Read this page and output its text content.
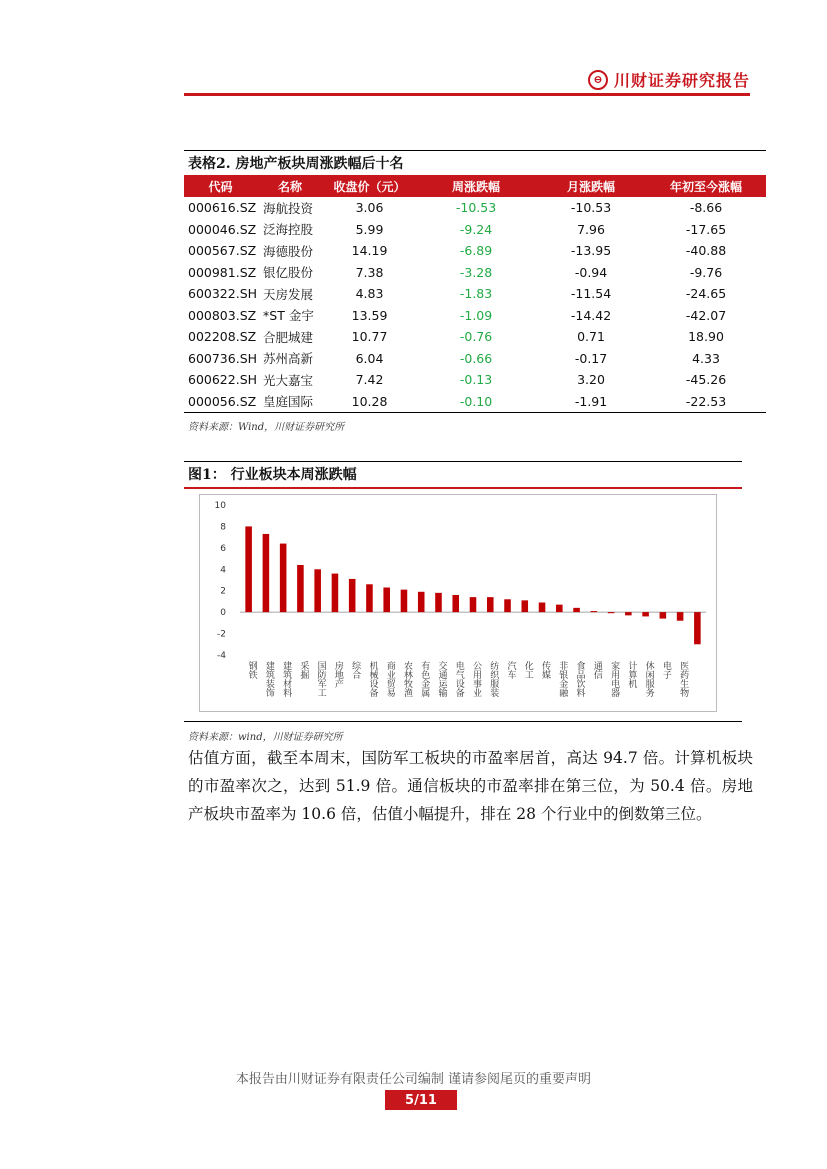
⊖ 川财证券研究报告
表格2. 房地产板块周涨跌幅后十名
代码	名称	收盘价（元）	周涨跌幅	月涨跌幅	年初至今涨幅
000616.SZ	海航投资	3.06	-10.53	-10.53	-8.66
000046.SZ	泛海控股	5.99	-9.24	7.96	-17.65
000567.SZ	海德股份	14.19	-6.89	-13.95	-40.88
000981.SZ	银亿股份	7.38	-3.28	-0.94	-9.76
600322.SH	天房发展	4.83	-1.83	-11.54	-24.65
000803.SZ	*ST 金宇	13.59	-1.09	-14.42	-42.07
002208.SZ	合肥城建	10.77	-0.76	0.71	18.90
600736.SH	苏州高新	6.04	-0.66	-0.17	4.33
600622.SH	光大嘉宝	7.42	-0.13	3.20	-45.26
000056.SZ	皇庭国际	10.28	-0.10	-1.91	-22.53
资料来源：Wind，川财证券研究所
图1： 行业板块本周涨跌幅
10
8
6
4
2
0
-2
-4
钢铁 建筑装饰 建筑材料 采掘 国防军工 房地产 综合 机械设备 商业贸易 农林牧渔 有色金属 交通运输 电气设备 公用事业 纺织服装 汽车 化工 传媒 非银金融 食品饮料 通信 家用电器 计算机 休闲服务 电子 医药生物
资料来源：wind，川财证券研究所
估值方面，截至本周末，国防军工板块的市盈率居首，高达 94.7 倍。计算机板块的市盈率次之，达到 51.9 倍。通信板块的市盈率排在第三位，为 50.4 倍。房地产板块市盈率为 10.6 倍，估值小幅提升，排在 28 个行业中的倒数第三位。
本报告由川财证券有限责任公司编制 谨请参阅尾页的重要声明
5/11
